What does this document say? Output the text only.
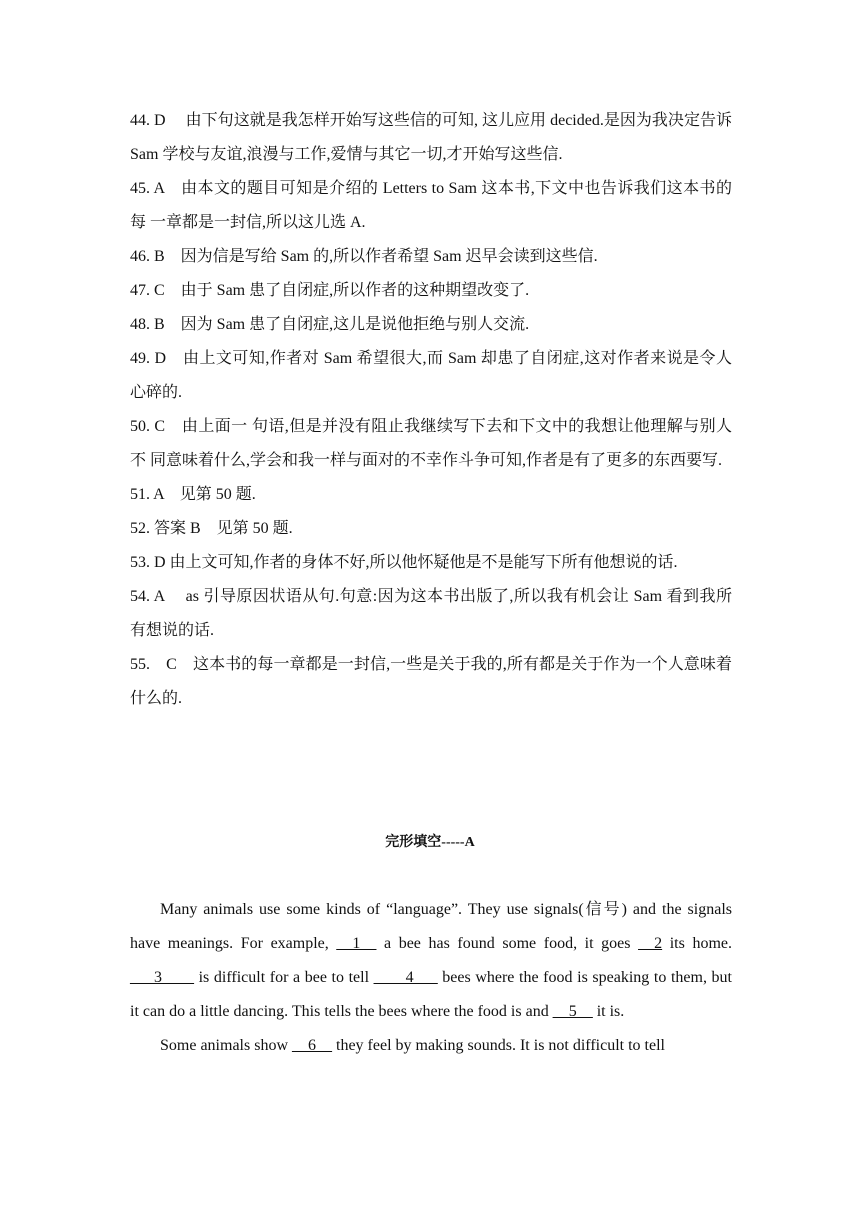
44. D　 由下句这就是我怎样开始写这些信的可知, 这儿应用 decided.是因为我决定告诉 Sam 学校与友谊,浪漫与工作,爱情与其它一切,才开始写这些信.

45. A　由本文的题目可知是介绍的 Letters to Sam 这本书,下文中也告诉我们这本书的每 一章都是一封信,所以这儿选 A.

46. B　因为信是写给 Sam 的,所以作者希望 Sam 迟早会读到这些信.

47. C　由于 Sam 患了自闭症,所以作者的这种期望改变了.

48. B　因为 Sam 患了自闭症,这儿是说他拒绝与别人交流.

49. D　由上文可知,作者对 Sam 希望很大,而 Sam 却患了自闭症,这对作者来说是令人 心碎的.

50. C　由上面一 句语,但是并没有阻止我继续写下去和下文中的我想让他理解与别人不 同意味着什么,学会和我一样与面对的不幸作斗争可知,作者是有了更多的东西要写.

51. A　见第 50 题.

52. 答案 B　见第 50 题.

53. D 由上文可知,作者的身体不好,所以他怀疑他是不是能写下所有他想说的话.

54. A　 as 引导原因状语从句.句意:因为这本书出版了,所以我有机会让 Sam 看到我所 有想说的话.

55.　C　这本书的每一章都是一封信,一些是关于我的,所有都是关于作为一个人意味着什么的.

完形填空-----A

Many animals use some kinds of “language”. They use signals(信号) and the signals have meanings. For example, __1__ a bee has found some food, it goes __2 its home. ___3____ is difficult for a bee to tell ____4___ bees where the food is speaking to them, but it can do a little dancing. This tells the bees where the food is and __5__ it is.

Some animals show __6__ they feel by making sounds. It is not difficult to tell
